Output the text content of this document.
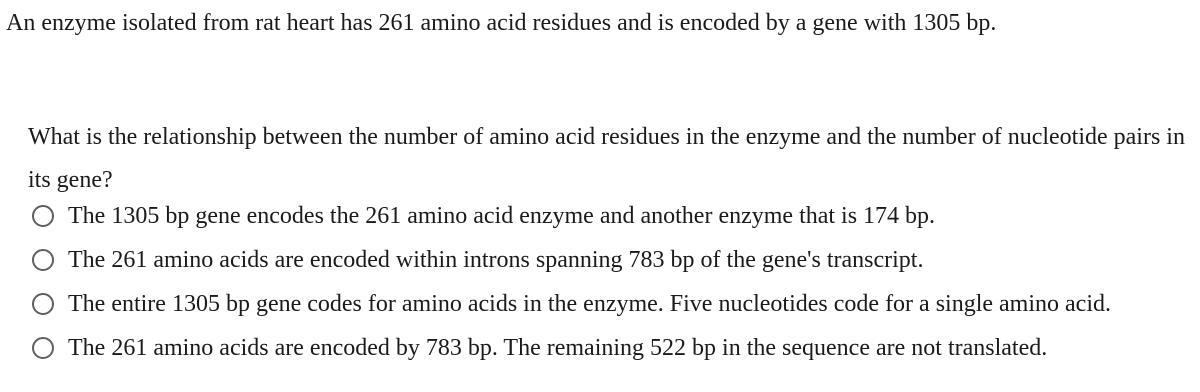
An enzyme isolated from rat heart has 261 amino acid residues and is encoded by a gene with 1305 bp.
What is the relationship between the number of amino acid residues in the enzyme and the number of nucleotide pairs in its gene?
The 1305 bp gene encodes the 261 amino acid enzyme and another enzyme that is 174 bp.
The 261 amino acids are encoded within introns spanning 783 bp of the gene's transcript.
The entire 1305 bp gene codes for amino acids in the enzyme. Five nucleotides code for a single amino acid.
The 261 amino acids are encoded by 783 bp. The remaining 522 bp in the sequence are not translated.
